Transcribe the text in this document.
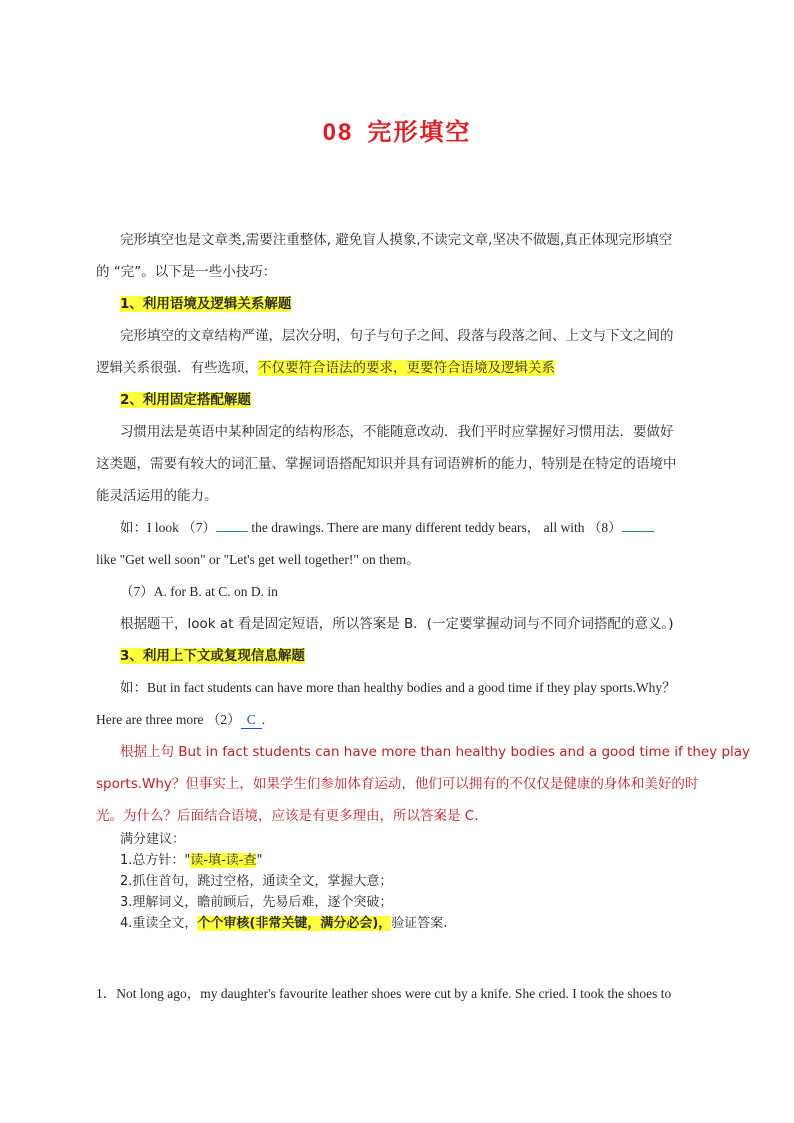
08 完形填空
完形填空也是文章类,需要注重整体, 避免盲人摸象,不读完文章,坚决不做题,真正体现完形填空
的 “完”。以下是一些小技巧：
1、利用语境及逻辑关系解题
完形填空的文章结构严谨，层次分明，句子与句子之间、段落与段落之间、上文与下文之间的
逻辑关系很强．有些选项，不仅要符合语法的要求，更要符合语境及逻辑关系
2、利用固定搭配解题
习惯用法是英语中某种固定的结构形态，不能随意改动．我们平时应掌握好习惯用法．要做好
这类题，需要有较大的词汇量、掌握词语搭配知识并具有词语辨析的能力，特别是在特定的语境中
能灵活运用的能力。
如：I look （7） the drawings. There are many different teddy bears， all with （8）
like "Get well soon" or "Let's get well together!" on them。
（7）A. for B. at C. on D. in
根据题干，look at 看是固定短语，所以答案是 B．(一定要掌握动词与不同介词搭配的意义。)
3、利用上下文或复现信息解题
如：But in fact students can have more than healthy bodies and a good time if they play sports.Why？
Here are three more （2） C .
根据上句 But in fact students can have more than healthy bodies and a good time if they play
sports.Why？但事实上，如果学生们参加体育运动，他们可以拥有的不仅仅是健康的身体和美好的时
光。为什么？后面结合语境，应该是有更多理由，所以答案是 C．
满分建议：
1.总方针："读-填-读-查"
2.抓住首句，跳过空格，通读全文，掌握大意；
3.理解词义，瞻前顾后，先易后难，逐个突破；
4.重读全文，个个审核(非常关键，满分必会)，验证答案.
1．Not long ago，my daughter's favourite leather shoes were cut by a knife. She cried. I took the shoes to
